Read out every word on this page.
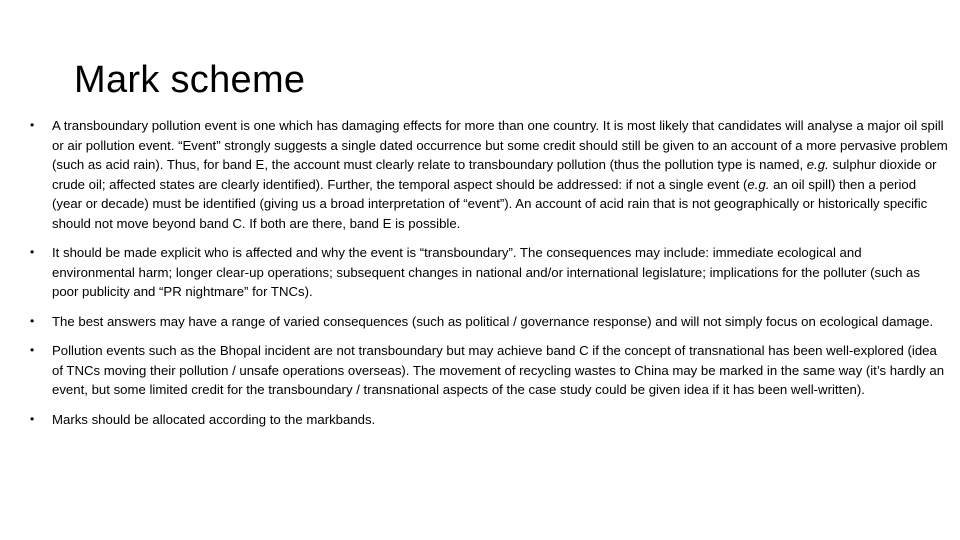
Mark scheme
•	A transboundary pollution event is one which has damaging effects for more than one country. It is most likely that candidates will analyse a major oil spill or air pollution event. “Event” strongly suggests a single dated occurrence but some credit should still be given to an account of a more pervasive problem (such as acid rain). Thus, for band E, the account must clearly relate to transboundary pollution (thus the pollution type is named, e.g. sulphur dioxide or crude oil; affected states are clearly identified). Further, the temporal aspect should be addressed: if not a single event (e.g. an oil spill) then a period (year or decade) must be identified (giving us a broad interpretation of “event”). An account of acid rain that is not geographically or historically specific should not move beyond band C. If both are there, band E is possible.
•	It should be made explicit who is affected and why the event is “transboundary”. The consequences may include: immediate ecological and environmental harm; longer clear-up operations; subsequent changes in national and/or international legislature; implications for the polluter (such as poor publicity and “PR nightmare” for TNCs).
•	The best answers may have a range of varied consequences (such as political / governance response) and will not simply focus on ecological damage.
•	Pollution events such as the Bhopal incident are not transboundary but may achieve band C if the concept of transnational has been well-explored (idea of TNCs moving their pollution / unsafe operations overseas). The movement of recycling wastes to China may be marked in the same way (it’s hardly an event, but some limited credit for the transboundary / transnational aspects of the case study could be given idea if it has been well-written).
•	Marks should be allocated according to the markbands.
